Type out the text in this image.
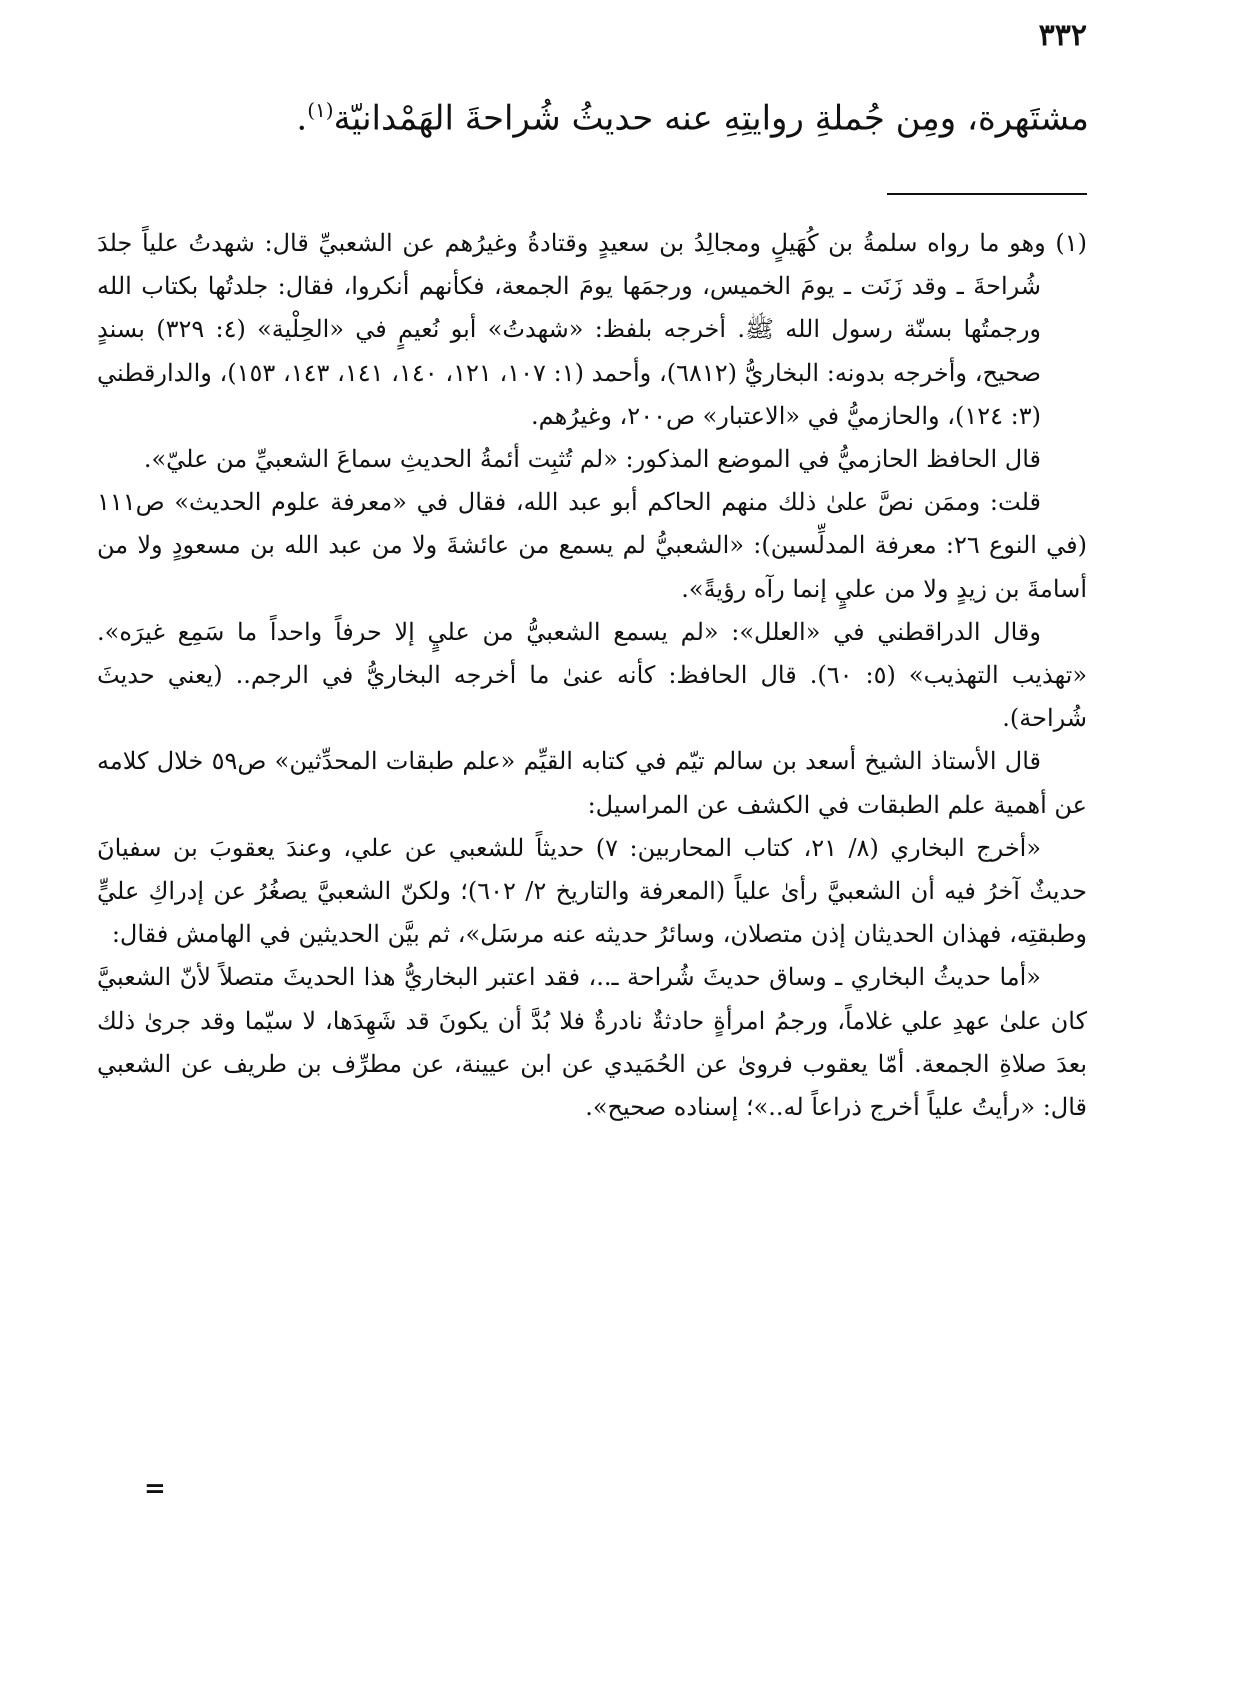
٣٣٢
مشتَهرة، ومِن جُملةِ روايتِهِ عنه حديثُ شُراحةَ الهَمْدانيّة$^{(١)}$.

(١) وهو ما رواه سلمةُ بن كُهَيلٍ ومجالِدُ بن سعيدٍ وقتادةُ وغيرُهم عن الشعبيِّ قال: شهدتُ علياً جلدَ شُراحةَ ـ وقد زَنَت ـ يومَ الخميس، ورجمَها يومَ الجمعة، فكأنهم أنكروا، فقال: جلدتُها بكتاب الله ورجمتُها بسنّة رسول الله ﷺ. أخرجه بلفظ: «شهدتُ» أبو نُعيمٍ في «الحِلْية» (٤: ٣٢٩) بسندٍ صحيح، وأخرجه بدونه: البخاريُّ (٦٨١٢)، وأحمد (١: ١٠٧، ١٢١، ١٤٠، ١٤١، ١٤٣، ١٥٣)، والدارقطني (٣: ١٢٤)، والحازميُّ في «الاعتبار» ص٢٠٠، وغيرُهم.

قال الحافظ الحازميُّ في الموضع المذكور: «لم تُثبِت أئمةُ الحديثِ سماعَ الشعبيِّ من عليّ».

قلت: وممَن نصَّ علىٰ ذلك منهم الحاكم أبو عبد الله، فقال في «معرفة علوم الحديث» ص١١١ (في النوع ٢٦: معرفة المدلِّسين): «الشعبيُّ لم يسمع من عائشةَ ولا من عبد الله بن مسعودٍ ولا من أسامةَ بن زيدٍ ولا من عليٍ إنما رآه رؤيةً».

وقال الدراقطني في «العلل»: «لم يسمع الشعبيُّ من عليٍ إلا حرفاً واحداً ما سَمِع غيرَه». «تهذيب التهذيب» (٥: ٦٠). قال الحافظ: كأنه عنىٰ ما أخرجه البخاريُّ في الرجم.. (يعني حديثَ شُراحة).

قال الأستاذ الشيخ أسعد بن سالم تيّم في كتابه القيِّم «علم طبقات المحدِّثين» ص٥٩ خلال كلامه عن أهمية علم الطبقات في الكشف عن المراسيل:

«أخرج البخاري (٨/ ٢١، كتاب المحاربين: ٧) حديثاً للشعبي عن علي، وعندَ يعقوبَ بن سفيانَ حديثٌ آخرُ فيه أن الشعبيَّ رأىٰ علياً (المعرفة والتاريخ ٢/ ٦٠٢)؛ ولكنّ الشعبيَّ يصغُرُ عن إدراكِ عليٍّ وطبقتِه، فهذان الحديثان إذن متصلان، وسائرُ حديثه عنه مرسَل»، ثم بيَّن الحديثين في الهامش فقال:

«أما حديثُ البخاري ـ وساق حديثَ شُراحة ـ..، فقد اعتبر البخاريُّ هذا الحديثَ متصلاً لأنّ الشعبيَّ كان علىٰ عهدِ علي غلاماً، ورجمُ امرأةٍ حادثةٌ نادرةٌ فلا بُدَّ أن يكونَ قد شَهِدَها، لا سيّما وقد جرىٰ ذلك بعدَ صلاةِ الجمعة. أمّا يعقوب فروىٰ عن الحُمَيدي عن ابن عيينة، عن مطرِّف بن طريف عن الشعبي قال: «رأيتُ علياً أخرج ذراعاً له..»؛ إسناده صحيح».

=
